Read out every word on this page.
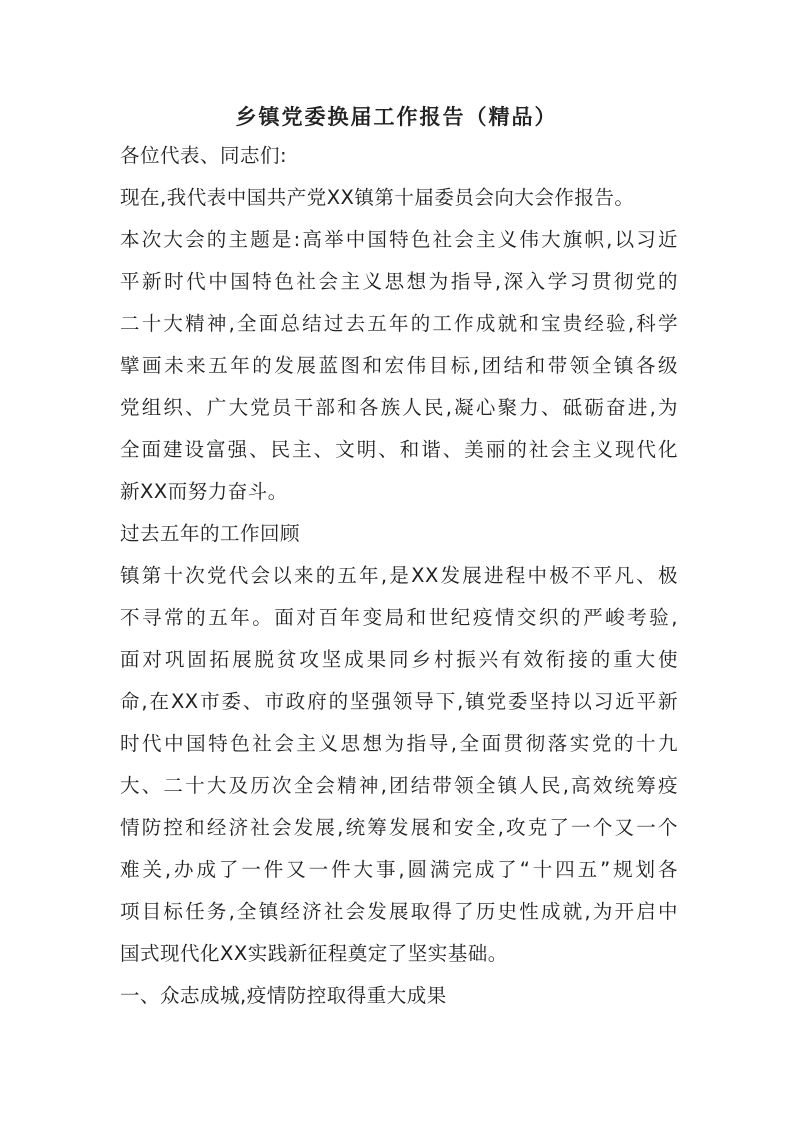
乡镇党委换届工作报告（精品）
各位代表、同志们:
现在,我代表中国共产党XX镇第十届委员会向大会作报告。
本次大会的主题是:高举中国特色社会主义伟大旗帜,以习近
平新时代中国特色社会主义思想为指导,深入学习贯彻党的
二十大精神,全面总结过去五年的工作成就和宝贵经验,科学
擘画未来五年的发展蓝图和宏伟目标,团结和带领全镇各级
党组织、广大党员干部和各族人民,凝心聚力、砥砺奋进,为
全面建设富强、民主、文明、和谐、美丽的社会主义现代化
新XX而努力奋斗。
过去五年的工作回顾
镇第十次党代会以来的五年,是XX发展进程中极不平凡、极
不寻常的五年。面对百年变局和世纪疫情交织的严峻考验,
面对巩固拓展脱贫攻坚成果同乡村振兴有效衔接的重大使
命,在XX市委、市政府的坚强领导下,镇党委坚持以习近平新
时代中国特色社会主义思想为指导,全面贯彻落实党的十九
大、二十大及历次全会精神,团结带领全镇人民,高效统筹疫
情防控和经济社会发展,统筹发展和安全,攻克了一个又一个
难关,办成了一件又一件大事,圆满完成了“十四五”规划各
项目标任务,全镇经济社会发展取得了历史性成就,为开启中
国式现代化XX实践新征程奠定了坚实基础。
一、众志成城,疫情防控取得重大成果
